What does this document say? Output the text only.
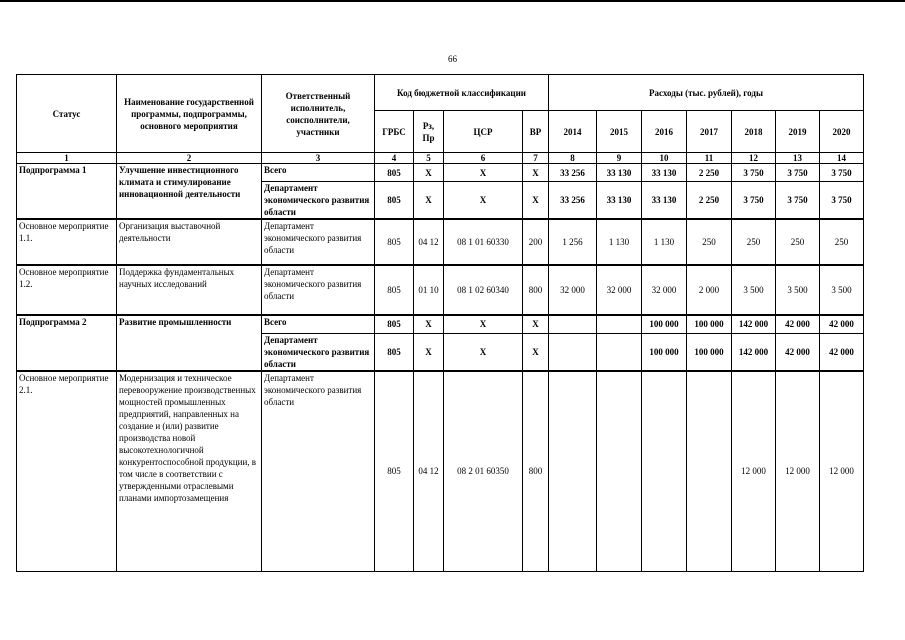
66
Статус	Наименование государственной программы, подпрограммы, основного мероприятия	Ответственный исполнитель, соисполнители, участники	Код бюджетной классификации				Расходы (тыс. рублей), годы						
			ГРБС	Рз, Пр	ЦСР	ВР	2014	2015	2016	2017	2018	2019	2020
1	2	3	4	5	6	7	8	9	10	11	12	13	14
Подпрограмма 1	Улучшение инвестиционного климата и стимулирование инновационной деятельности	Всего	805	Х	Х	Х	33 256	33 130	33 130	2 250	3 750	3 750	3 750
		Департамент экономического развития области	805	Х	Х	Х	33 256	33 130	33 130	2 250	3 750	3 750	3 750
Основное мероприятие 1.1.	Организация выставочной деятельности	Департамент экономического развития области	805	04 12	08 1 01 60330	200	1 256	1 130	1 130	250	250	250	250
Основное мероприятие 1.2.	Поддержка фундаментальных научных исследований	Департамент экономического развития области	805	01 10	08 1 02 60340	800	32 000	32 000	32 000	2 000	3 500	3 500	3 500
Подпрограмма 2	Развитие промышленности	Всего	805	Х	Х	Х			100 000	100 000	142 000	42 000	42 000
		Департамент экономического развития области	805	Х	Х	Х			100 000	100 000	142 000	42 000	42 000
Основное мероприятие 2.1.	Модернизация и техническое перевооружение производственных мощностей промышленных предприятий, направленных на создание и (или) развитие производства новой высокотехнологичной конкурентоспособной продукции, в том числе в соответствии с утвержденными отраслевыми планами импортозамещения	Департамент экономического развития области	805	04 12	08 2 01 60350	800					12 000	12 000	12 000
